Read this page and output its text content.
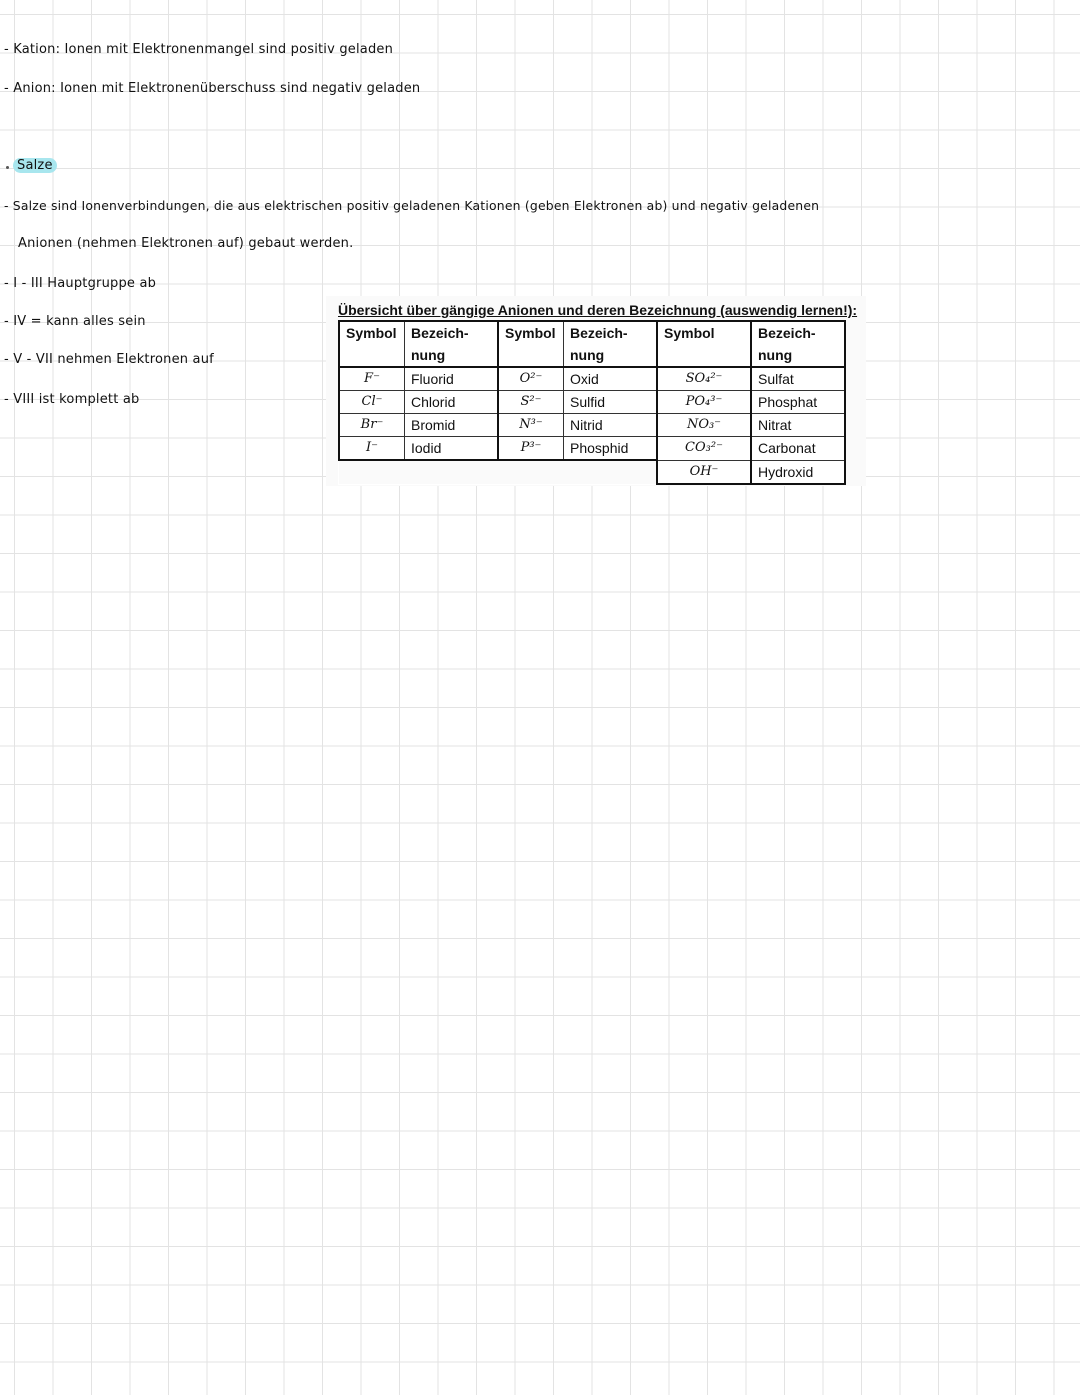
- Kation: Ionen mit Elektronenmangel sind positiv geladen
- Anion: Ionen mit Elektronenüberschuss sind negativ geladen
Salze
- Salze sind Ionenverbindungen, die aus elektrischen positiv geladenen Kationen (geben Elektronen ab) und negativ geladenen
Anionen (nehmen Elektronen auf) gebaut werden.
- I - III Hauptgruppe ab
- IV = kann alles sein
- V - VII nehmen Elektronen auf
- VIII ist komplett ab
Übersicht über gängige Anionen und deren Bezeichnung (auswendig lernen!):
Symbol	Bezeich-	Symbol	Bezeich-	Symbol	Bezeich-
	nung		nung		nung
F⁻	Fluorid	O²⁻	Oxid	SO₄²⁻	Sulfat
Cl⁻	Chlorid	S²⁻	Sulfid	PO₄³⁻	Phosphat
Br⁻	Bromid	N³⁻	Nitrid	NO₃⁻	Nitrat
I⁻	Iodid	P³⁻	Phosphid	CO₃²⁻	Carbonat
				OH⁻	Hydroxid
